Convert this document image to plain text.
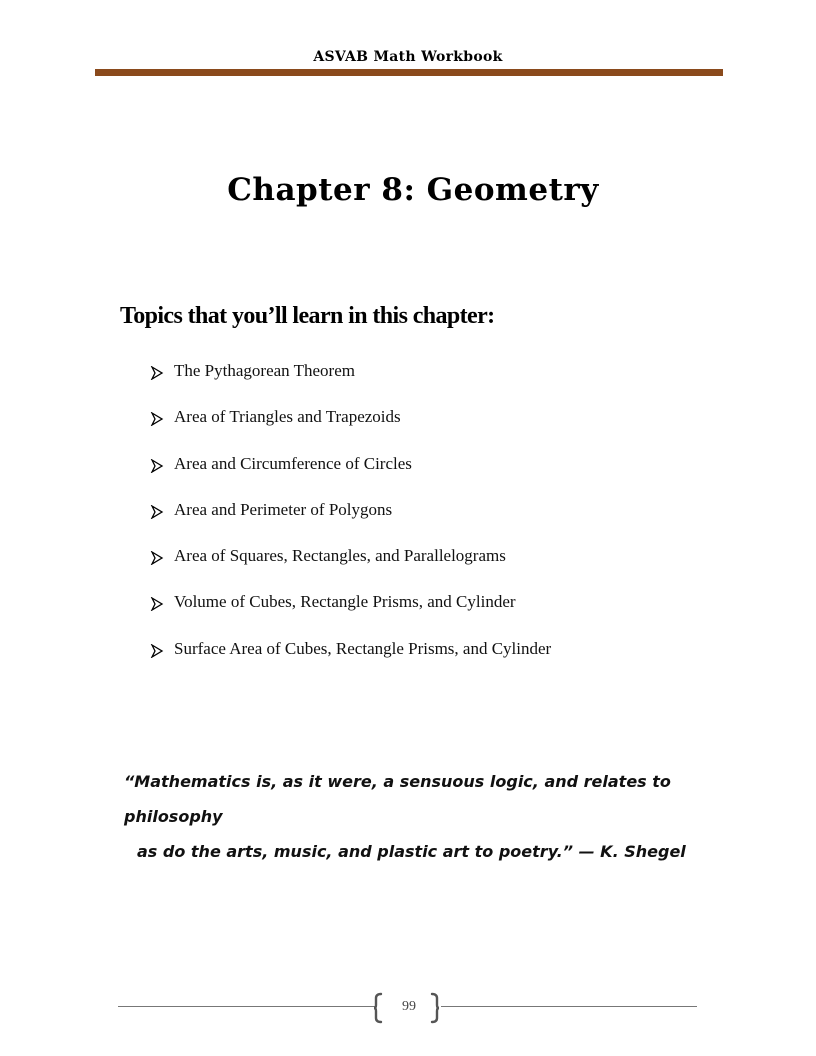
ASVAB Math Workbook
Chapter 8: Geometry
Topics that you’ll learn in this chapter:
The Pythagorean Theorem
Area of Triangles and Trapezoids
Area and Circumference of Circles
Area and Perimeter of Polygons
Area of Squares, Rectangles, and Parallelograms
Volume of Cubes, Rectangle Prisms, and Cylinder
Surface Area of Cubes, Rectangle Prisms, and Cylinder
“Mathematics is, as it were, a sensuous logic, and relates to philosophy
as do the arts, music, and plastic art to poetry.” — K. Shegel
99
